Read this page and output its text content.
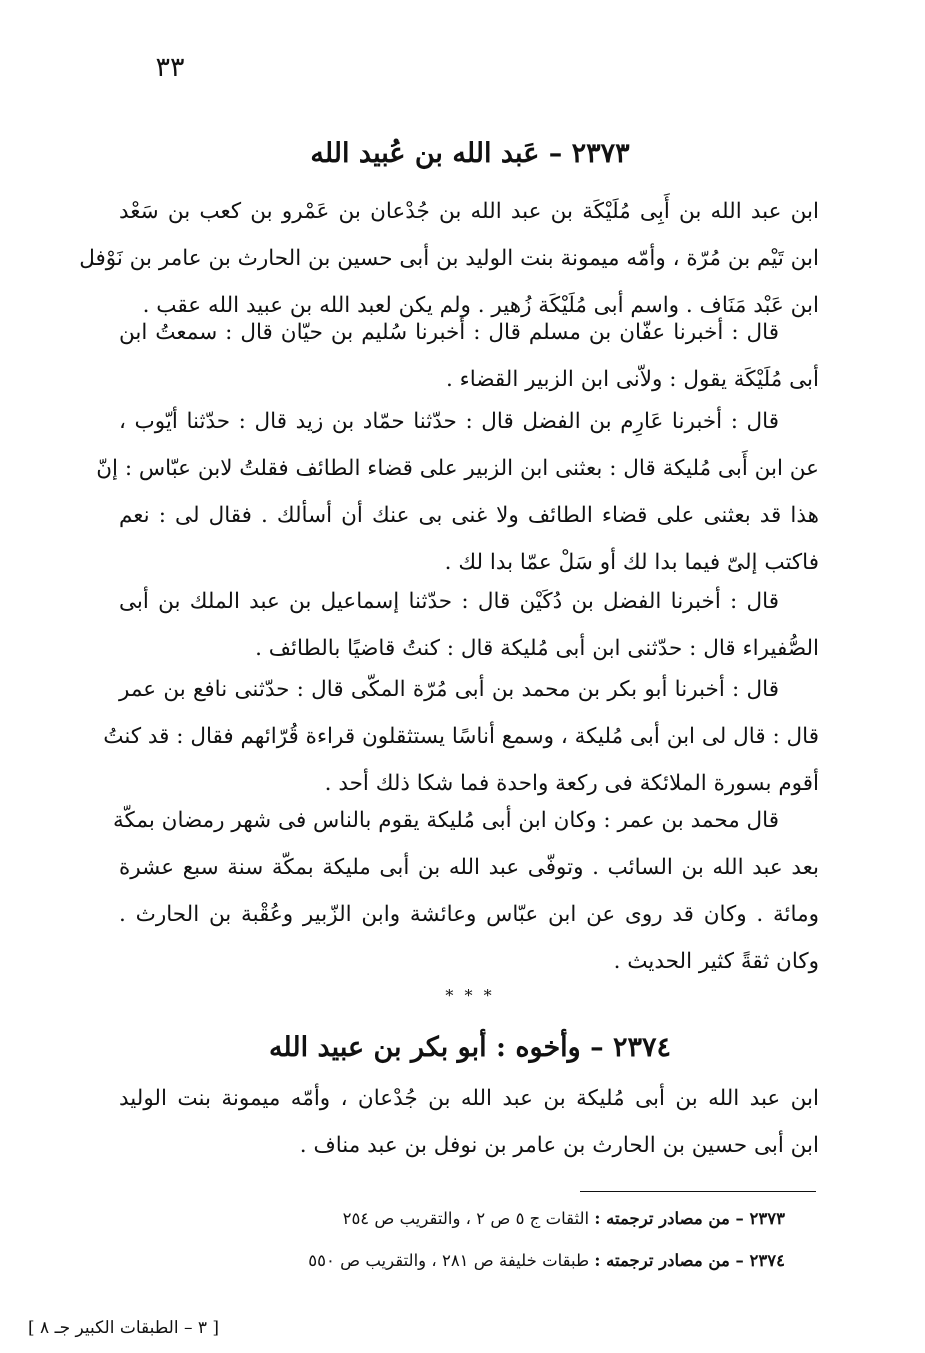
٣٣
٢٣٧٣ – عَبد الله بن عُبيد الله
ابن عبد الله بن أَبِى مُلَيْكَة بن عبد الله بن جُدْعان بن عَمْرو بن كعب بن سَعْد
ابن تَيْم بن مُرّة ، وأمّه ميمونة بنت الوليد بن أبى حسين بن الحارث بن عامر بن نَوْفل
ابن عَبْد مَنَاف . واسم أبى مُلَيْكَة زُهير . ولم يكن لعبد الله بن عبيد الله عقب .
قال : أخبرنا عفّان بن مسلم قال : أخبرنا سُليم بن حيّان قال : سمعتُ ابن
أبى مُلَيْكَة يقول : ولاّنى ابن الزبير القضاء .
قال : أخبرنا عَارِم بن الفضل قال : حدّثنا حمّاد بن زيد قال : حدّثنا أيّوب ،
عن ابن أَبى مُليكة قال : بعثنى ابن الزبير على قضاء الطائف فقلتُ لابن عبّاس : إنّ
هذا قد بعثنى على قضاء الطائف ولا غنى بى عنك أن أسألك . فقال لى : نعم
فاكتب إلىّ فيما بدا لك أو سَلْ عمّا بدا لك .
قال : أخبرنا الفضل بن دُكَيْن قال : حدّثنا إسماعيل بن عبد الملك بن أبى
الصُّفيراء قال : حدّثنى ابن أبى مُليكة قال : كنتُ قاضيًا بالطائف .
قال : أخبرنا أبو بكر بن محمد بن أبى مُرّة المكّى قال : حدّثنى نافع بن عمر
قال : قال لى ابن أبى مُليكة ، وسمع أناسًا يستثقلون قراءة قُرّائهم فقال : قد كنتُ
أقوم بسورة الملائكة فى ركعة واحدة فما شكا ذلك أحد .
قال محمد بن عمر : وكان ابن أبى مُليكة يقوم بالناس فى شهر رمضان بمكّة
بعد عبد الله بن السائب . وتوفّى عبد الله بن أبى مليكة بمكّة سنة سبع عشرة
ومائة . وكان قد روى عن ابن عبّاس وعائشة وابن الزّبير وعُقْبة بن الحارث .
وكان ثقةً كثير الحديث .
* * *
٢٣٧٤ – وأخوه : أبو بكر بن عبيد الله
ابن عبد الله بن أبى مُليكة بن عبد الله بن جُدْعان ، وأمّه ميمونة بنت الوليد
ابن أبى حسين بن الحارث بن عامر بن نوفل بن عبد مناف .
٢٣٧٣ – من مصادر ترجمته : الثقات ج ٥ ص ٢ ، والتقريب ص ٢٥٤
٢٣٧٤ – من مصادر ترجمته : طبقات خليفة ص ٢٨١ ، والتقريب ص ٥٥٠
[ ٣ – الطبقات الكبير جـ ٨ ]
